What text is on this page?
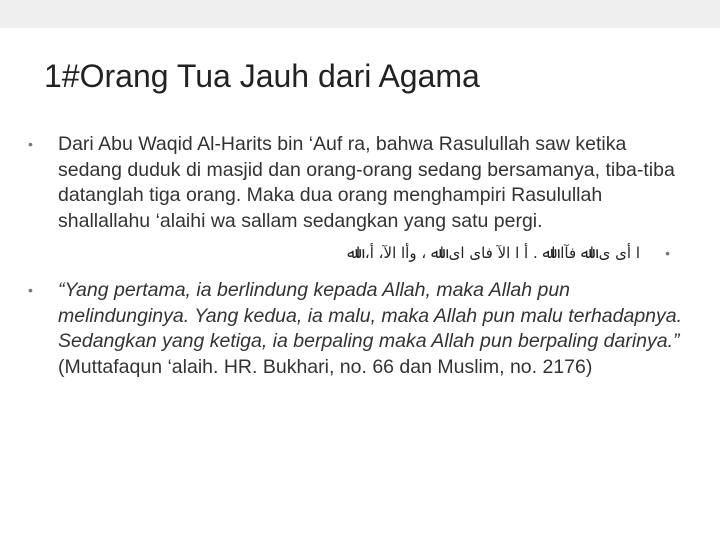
1#Orang Tua Jauh dari Agama
• Dari Abu Waqid Al-Harits bin ‘Auf ra, bahwa Rasulullah saw ketika sedang duduk di masjid dan orang-orang sedang bersamanya, tiba-tiba datanglah tiga orang. Maka dua orang menghampiri Rasulullah shallallahu ‘alaihi wa sallam sedangkan yang satu pergi.
•
ا أى ى اﷲ ﻓﺂا اﷲ . أ ا اﻵ ﻓﺎى اى اﷲ ، وأا اﻵ، أ، اﷲ
• “Yang pertama, ia berlindung kepada Allah, maka Allah pun melindunginya. Yang kedua, ia malu, maka Allah pun malu terhadapnya. Sedangkan yang ketiga, ia berpaling maka Allah pun berpaling darinya.” (Muttafaqun ‘alaih. HR. Bukhari, no. 66 dan Muslim, no. 2176)
